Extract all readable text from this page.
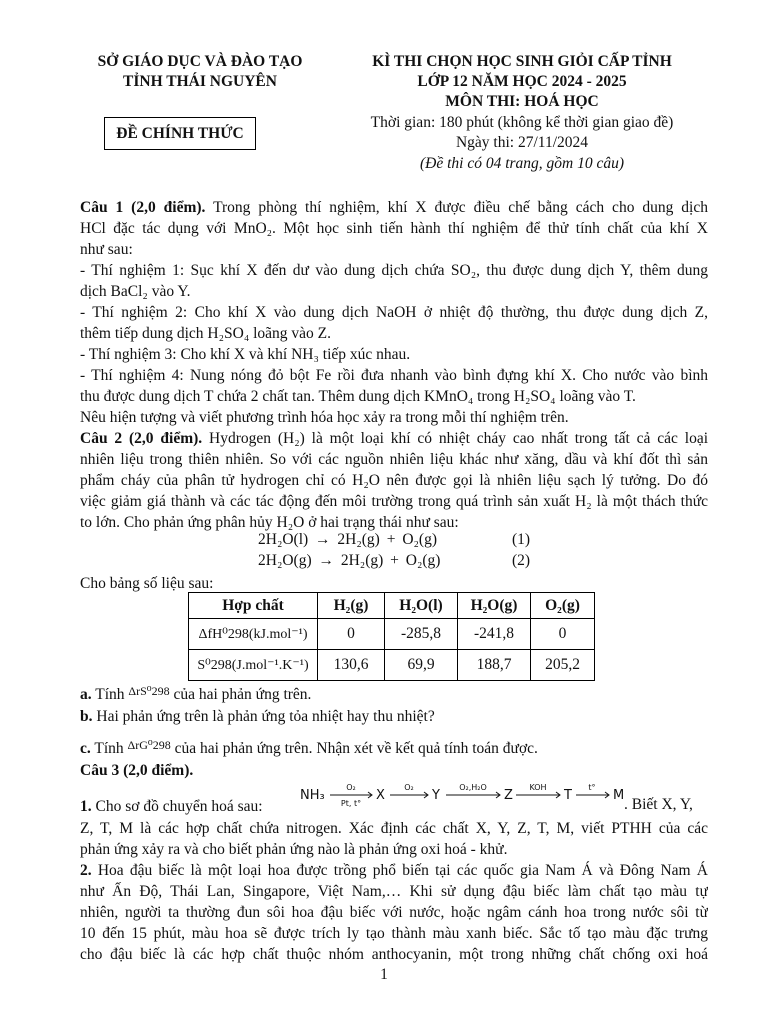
SỞ GIÁO DỤC VÀ ĐÀO TẠO
TỈNH THÁI NGUYÊN
ĐỀ CHÍNH THỨC
KÌ THI CHỌN HỌC SINH GIỎI CẤP TỈNH
LỚP 12 NĂM HỌC 2024 - 2025
MÔN THI: HOÁ HỌC
Thời gian: 180 phút (không kể thời gian giao đề)
Ngày thi: 27/11/2024
(Đề thi có 04 trang, gồm 10 câu)
Câu 1 (2,0 điểm). Trong phòng thí nghiệm, khí X được điều chế bằng cách cho dung dịch
HCl đặc tác dụng với MnO₂. Một học sinh tiến hành thí nghiệm để thử tính chất của khí X
như sau:
- Thí nghiệm 1: Sục khí X đến dư vào dung dịch chứa SO₂, thu được dung dịch Y, thêm dung
dịch BaCl₂ vào Y.
- Thí nghiệm 2: Cho khí X vào dung dịch NaOH ở nhiệt độ thường, thu được dung dịch Z,
thêm tiếp dung dịch H₂SO₄ loãng vào Z.
- Thí nghiệm 3: Cho khí X và khí NH₃ tiếp xúc nhau.
- Thí nghiệm 4: Nung nóng đỏ bột Fe rồi đưa nhanh vào bình đựng khí X. Cho nước vào bình
thu được dung dịch T chứa 2 chất tan. Thêm dung dịch KMnO₄ trong H₂SO₄ loãng vào T.
Nêu hiện tượng và viết phương trình hóa học xảy ra trong mỗi thí nghiệm trên.
Câu 2 (2,0 điểm). Hydrogen (H₂) là một loại khí có nhiệt cháy cao nhất trong tất cả các loại
nhiên liệu trong thiên nhiên. So với các nguồn nhiên liệu khác như xăng, dầu và khí đốt thì sản
phẩm cháy của phân tử hydrogen chỉ có H₂O nên được gọi là nhiên liệu sạch lý tưởng. Do đó
việc giảm giá thành và các tác động đến môi trường trong quá trình sản xuất H₂ là một thách thức
to lớn. Cho phản ứng phân hủy H₂O ở hai trạng thái như sau:
2H₂O(l) → 2H₂(g) + O₂(g)	(1)
2H₂O(g) → 2H₂(g) + O₂(g)	(2)
Cho bảng số liệu sau:
Hợp chất	H₂(g)	H₂O(l)	H₂O(g)	O₂(g)
ΔfH⁰298(kJ.mol⁻¹)	0	-285,8	-241,8	0
S⁰298(J.mol⁻¹.K⁻¹)	130,6	69,9	188,7	205,2
a. Tính $^{\Delta rS^0298}$ của hai phản ứng trên.
b. Hai phản ứng trên là phản ứng tỏa nhiệt hay thu nhiệt?
c. Tính $^{\Delta rG^0298}$ của hai phản ứng trên. Nhận xét về kết quả tính toán được.
Câu 3 (2,0 điểm).
1. Cho sơ đồ chuyển hoá sau:	. Biết X, Y,
NH₃	X	Y	Z	T	M
O₂
Pt, t°
O₂	O₂,H₂O	KOH	t°
Z, T, M là các hợp chất chứa nitrogen. Xác định các chất X, Y, Z, T, M, viết PTHH của các
phản ứng xảy ra và cho biết phản ứng nào là phản ứng oxi hoá - khử.
2. Hoa đậu biếc là một loại hoa được trồng phổ biến tại các quốc gia Nam Á và Đông Nam Á
như Ấn Độ, Thái Lan, Singapore, Việt Nam,… Khi sử dụng đậu biếc làm chất tạo màu tự
nhiên, người ta thường đun sôi hoa đậu biếc với nước, hoặc ngâm cánh hoa trong nước sôi từ
10 đến 15 phút, màu hoa sẽ được trích ly tạo thành màu xanh biếc. Sắc tố tạo màu đặc trưng
cho đậu biếc là các hợp chất thuộc nhóm anthocyanin, một trong những chất chống oxi hoá
1
